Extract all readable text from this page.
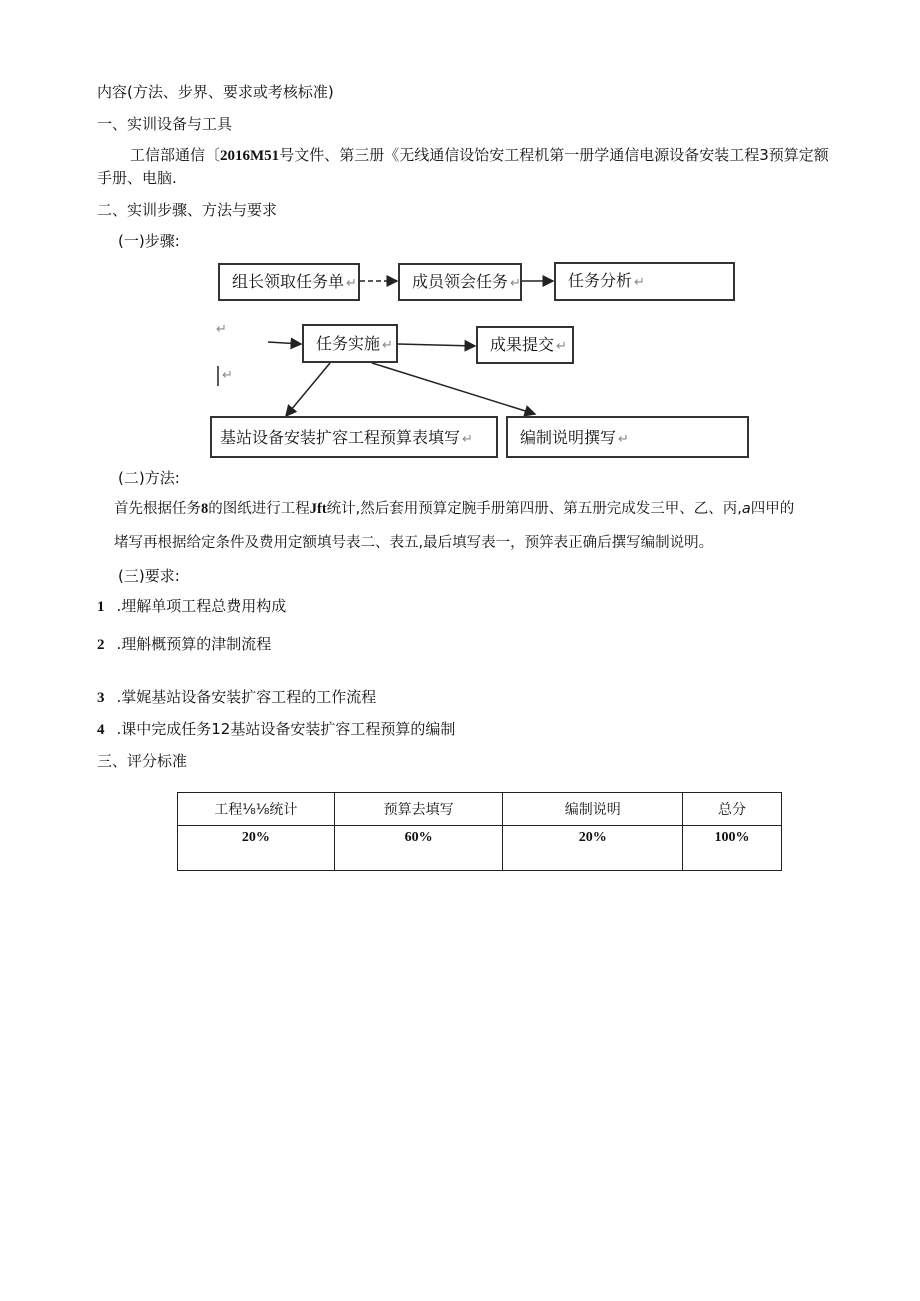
内容(方法、步界、要求或考核标准)
一、实训设备与工具
工信部通信〔2016M51号文件、第三册《无线通信设饴安工程机第一册学通信电源设备安装工程3预算定额
手册、电脑.
二、实训步骤、方法与要求
(一)步骤:
组长领取任务单 ↵	成员领会任务 ↵	任务分析 ↵
任务实施 ↵	成果提交 ↵
基站设备安装扩容工程预算表填写 ↵	编制说明撰写 ↵
↵
↵
(二)方法:
首先根据任务8的图纸进行工程Jft统计,然后套用预算定腕手册第四册、第五册完成发三甲、乙、丙,a四甲的
堵写再根据给定条件及费用定额填号表二、表五,最后填写表一，预笄表正确后撰写编制说明。
(三)要求:
1 .埋解单项工程总费用构成
2 .理斛概预算的津制流程
3 .掌娓基站设备安装扩容工程的工作流程
4 .课中完成任务12基站设备安装扩容工程预算的编制
三、评分标准
工程⅛⅛统计	预算去填写	编制说明	总分
20%	60%	20%	100%
